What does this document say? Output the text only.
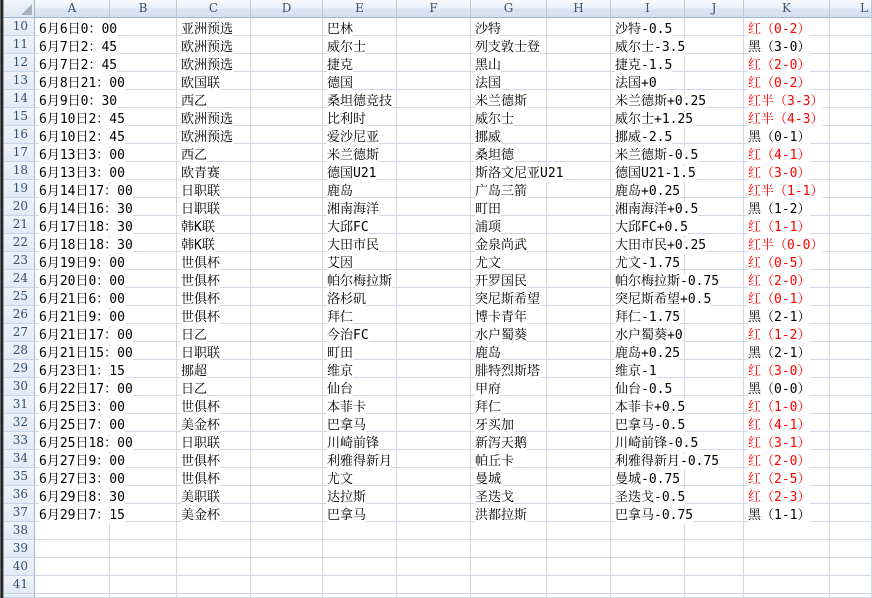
A	B	C	D	E	F	G	H	I	J	K	L
10 6月6日0：00	亚洲预选	巴林	沙特	沙特-0.5	红（0-2）
11 6月7日2：45	欧洲预选	威尔士	列支敦士登	威尔士-3.5	黑（3-0）
12 6月7日2：45	欧洲预选	捷克	黑山	捷克-1.5	红（2-0）
13 6月8日21：00	欧国联	德国	法国	法国+0	红（0-2）
14 6月9日0：30	西乙	桑坦德竞技	米兰德斯	米兰德斯+0.25	红半（3-3）
15 6月10日2：45	欧洲预选	比利时	威尔士	威尔士+1.25	红半（4-3）
16 6月10日2：45	欧洲预选	爱沙尼亚	挪威	挪威-2.5	黑（0-1）
17 6月13日3：00	西乙	米兰德斯	桑坦德	米兰德斯-0.5	红（4-1）
18 6月13日3：00	欧青赛	德国U21	斯洛文尼亚U21	德国U21-1.5	红（3-0）
19 6月14日17：00	日职联	鹿岛	广岛三箭	鹿岛+0.25	红半（1-1）
20 6月14日16：30	日职联	湘南海洋	町田	湘南海洋+0.5	黑（1-2）
21 6月17日18：30	韩K联	大邱FC	浦项	大邱FC+0.5	红（1-1）
22 6月18日18：30	韩K联	大田市民	金泉尚武	大田市民+0.25	红半（0-0）
23 6月19日9：00	世俱杯	艾因	尤文	尤文-1.75	红（0-5）
24 6月20日0：00	世俱杯	帕尔梅拉斯	开罗国民	帕尔梅拉斯-0.75	红（2-0）
25 6月21日6：00	世俱杯	洛杉矶	突尼斯希望	突尼斯希望+0.5	红（0-1）
26 6月21日9：00	世俱杯	拜仁	博卡青年	拜仁-1.75	黑（2-1）
27 6月21日17：00	日乙	今治FC	水户蜀葵	水户蜀葵+0	红（1-2）
28 6月21日15：00	日职联	町田	鹿岛	鹿岛+0.25	黑（2-1）
29 6月23日1：15	挪超	维京	腓特烈斯塔	维京-1	红（3-0）
30 6月22日17：00	日乙	仙台	甲府	仙台-0.5	黑（0-0）
31 6月25日3：00	世俱杯	本菲卡	拜仁	本菲卡+0.5	红（1-0）
32 6月25日7：00	美金杯	巴拿马	牙买加	巴拿马-0.5	红（4-1）
33 6月25日18：00	日职联	川崎前锋	新泻天鹅	川崎前锋-0.5	红（3-1）
34 6月27日9：00	世俱杯	利雅得新月	帕丘卡	利雅得新月-0.75	红（2-0）
35 6月27日3：00	世俱杯	尤文	曼城	曼城-0.75	红（2-5）
36 6月29日8：30	美职联	达拉斯	圣迭戈	圣迭戈-0.5	红（2-3）
37 6月29日7：15	美金杯	巴拿马	洪都拉斯	巴拿马-0.75	黑（1-1）
38
39
40
41
